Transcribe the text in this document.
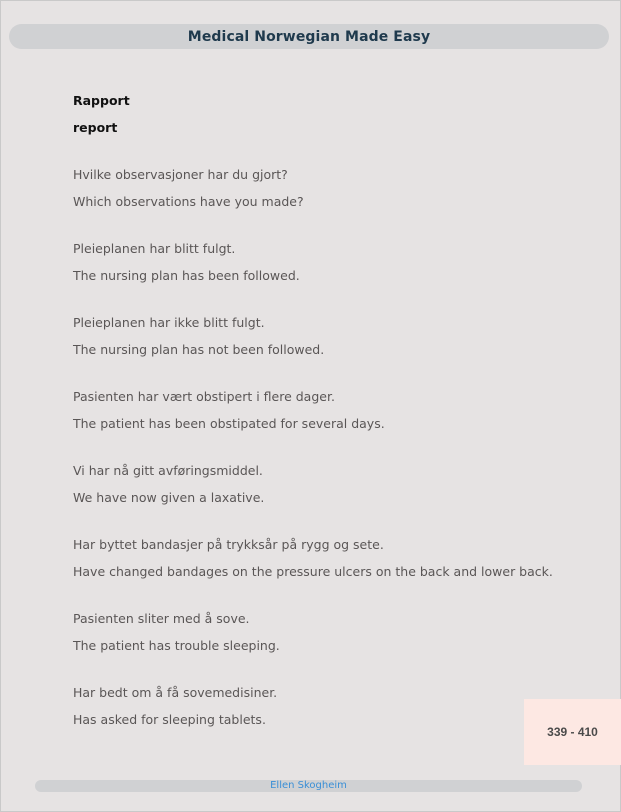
Medical Norwegian Made Easy
Rapport
report
Hvilke observasjoner har du gjort?
Which observations have you made?
Pleieplanen har blitt fulgt.
The nursing plan has been followed.
Pleieplanen har ikke blitt fulgt.
The nursing plan has not been followed.
Pasienten har vært obstipert i flere dager.
The patient has been obstipated for several days.
Vi har nå gitt avføringsmiddel.
We have now given a laxative.
Har byttet bandasjer på trykksår på rygg og sete.
Have changed bandages on the pressure ulcers on the back and lower back.
Pasienten sliter med å sove.
The patient has trouble sleeping.
Har bedt om å få sovemedisiner.
Has asked for sleeping tablets.
339 - 410
Ellen Skogheim
